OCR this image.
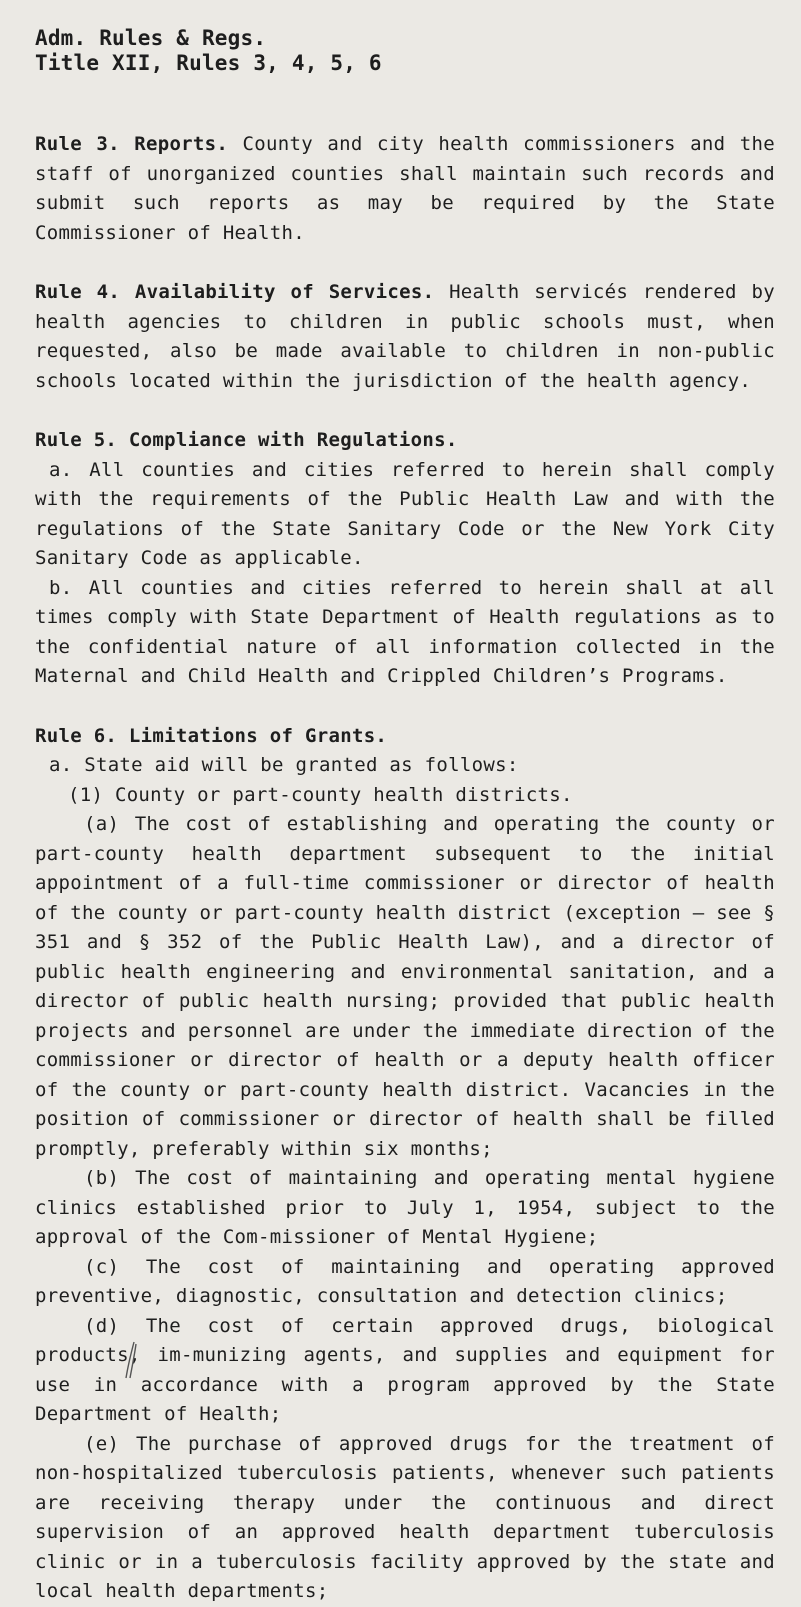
Adm. Rules & Regs.
Title XII, Rules 3, 4, 5, 6

Rule 3. Reports. County and city health commissioners and the staff of unorganized counties shall maintain such records and submit such reports as may be required by the State Commissioner of Health.

Rule 4. Availability of Services. Health servicés rendered by health agencies to children in public schools must, when requested, also be made available to children in non-public schools located within the jurisdiction of the health agency.

Rule 5. Compliance with Regulations.

a. All counties and cities referred to herein shall comply with the requirements of the Public Health Law and with the regulations of the State Sanitary Code or the New York City Sanitary Code as applicable.

b. All counties and cities referred to herein shall at all times comply with State Department of Health regulations as to the confidential nature of all information collected in the Maternal and Child Health and Crippled Children’s Programs.

Rule 6. Limitations of Grants.

a. State aid will be granted as follows:

(1) County or part-county health districts.

(a) The cost of establishing and operating the county or part-county health department subsequent to the initial appointment of a full-time commissioner or director of health of the county or part-county health district (exception — see § 351 and § 352 of the Public Health Law), and a director of public health engineering and environmental sanitation, and a director of public health nursing; provided that public health projects and personnel are under the immediate direction of the commissioner or director of health or a deputy health officer of the county or part-county health district. Vacancies in the position of commissioner or director of health shall be filled promptly, preferably within six months;

(b) The cost of maintaining and operating mental hygiene clinics established prior to July 1, 1954, subject to the approval of the Com-missioner of Mental Hygiene;

(c) The cost of maintaining and operating approved preventive, diagnostic, consultation and detection clinics;

(d) The cost of certain approved drugs, biological products, im-munizing agents, and supplies and equipment for use in accordance with a program approved by the State Department of Health;

(e) The purchase of approved drugs for the treatment of non-hospitalized tuberculosis patients, whenever such patients are receiving therapy under the continuous and direct supervision of an approved health department tuberculosis clinic or in a tuberculosis facility approved by the state and local health departments;
